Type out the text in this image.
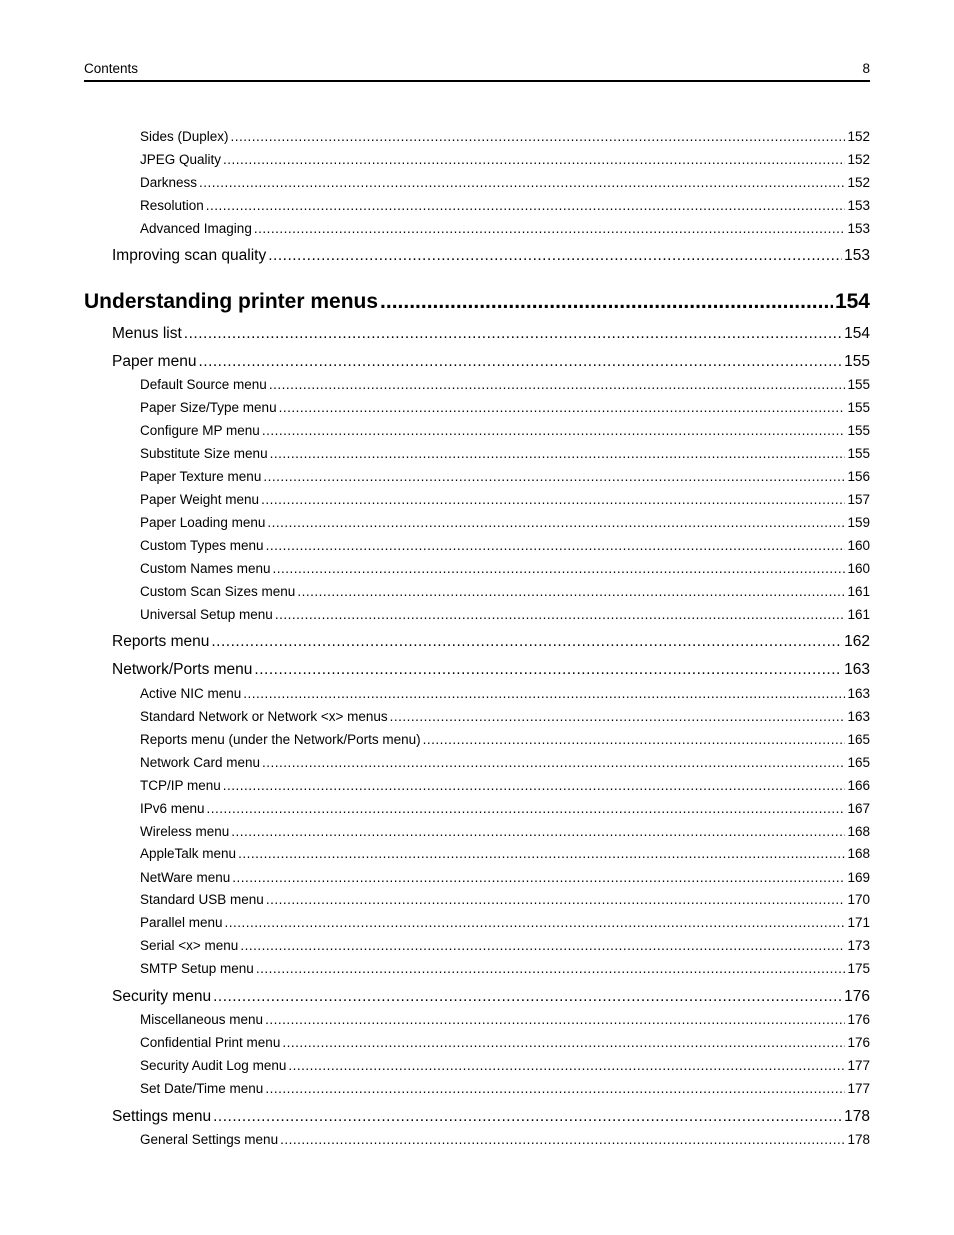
Contents	8
Sides (Duplex) .....	152
JPEG Quality .....	152
Darkness .....	152
Resolution .....	153
Advanced Imaging .....	153
Improving scan quality .....	153
Understanding printer menus .....	154
Menus list .....	154
Paper menu .....	155
Default Source menu .....	155
Paper Size/Type menu .....	155
Configure MP menu .....	155
Substitute Size menu .....	155
Paper Texture menu .....	156
Paper Weight menu .....	157
Paper Loading menu .....	159
Custom Types menu .....	160
Custom Names menu .....	160
Custom Scan Sizes menu .....	161
Universal Setup menu .....	161
Reports menu .....	162
Network/Ports menu .....	163
Active NIC menu .....	163
Standard Network or Network <x> menus .....	163
Reports menu (under the Network/Ports menu) .....	165
Network Card menu .....	165
TCP/IP menu .....	166
IPv6 menu .....	167
Wireless menu .....	168
AppleTalk menu .....	168
NetWare menu .....	169
Standard USB menu .....	170
Parallel menu .....	171
Serial <x> menu .....	173
SMTP Setup menu .....	175
Security menu .....	176
Miscellaneous menu .....	176
Confidential Print menu .....	176
Security Audit Log menu .....	177
Set Date/Time menu .....	177
Settings menu .....	178
General Settings menu .....	178
